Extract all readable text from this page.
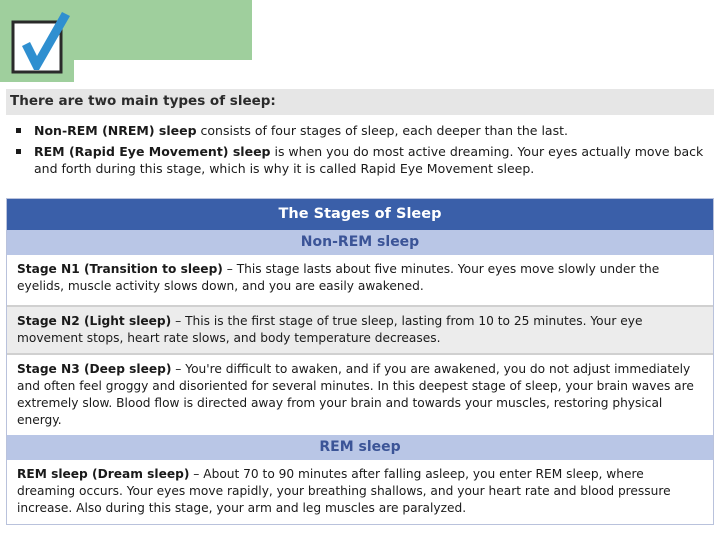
There are two main types of sleep:
Non-REM (NREM) sleep consists of four stages of sleep, each deeper than the last.
REM (Rapid Eye Movement) sleep is when you do most active dreaming. Your eyes actually move back and forth during this stage, which is why it is called Rapid Eye Movement sleep.
The Stages of Sleep
Non-REM sleep
Stage N1 (Transition to sleep) – This stage lasts about five minutes. Your eyes move slowly under the eyelids, muscle activity slows down, and you are easily awakened.
Stage N2 (Light sleep) – This is the first stage of true sleep, lasting from 10 to 25 minutes. Your eye movement stops, heart rate slows, and body temperature decreases.
Stage N3 (Deep sleep) – You're difficult to awaken, and if you are awakened, you do not adjust immediately and often feel groggy and disoriented for several minutes. In this deepest stage of sleep, your brain waves are extremely slow. Blood flow is directed away from your brain and towards your muscles, restoring physical energy.
REM sleep
REM sleep (Dream sleep) – About 70 to 90 minutes after falling asleep, you enter REM sleep, where dreaming occurs. Your eyes move rapidly, your breathing shallows, and your heart rate and blood pressure increase. Also during this stage, your arm and leg muscles are paralyzed.
